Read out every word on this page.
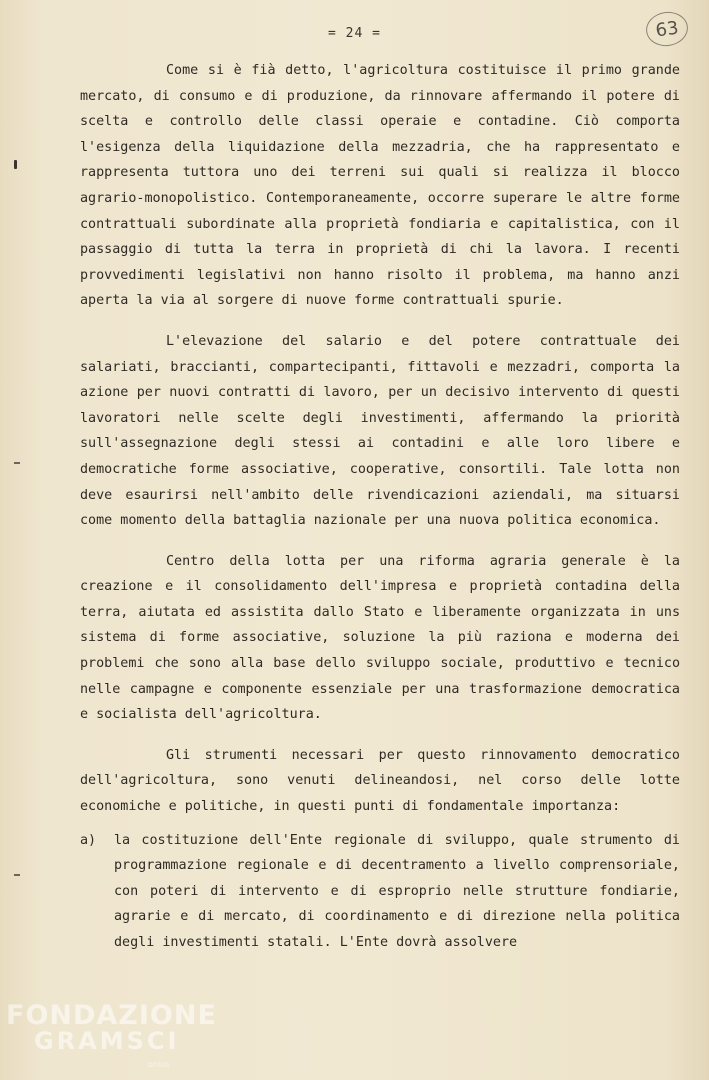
= 24 =	63

Come si è fià detto, l'agricoltura costituisce il primo grande mercato, di consumo e di produzione, da rinnovare affermando il potere di scelta e controllo delle classi operaie e contadine. Ciò comporta l'esigenza della liquidazione della mezzadria, che ha rappresentato e rappresenta tuttora uno dei terreni sui quali si realizza il blocco agrario-monopolistico. Contemporaneamente, occorre superare le altre forme contrattuali subordinate alla proprietà fondiaria e capitalistica, con il passaggio di tutta la terra in proprietà di chi la lavora. I recenti provvedimenti legislativi non hanno risolto il problema, ma hanno anzi aperta la via al sorgere di nuove forme contrattuali spurie.

L'elevazione del salario e del potere contrattuale dei salariati, braccianti, compartecipanti, fittavoli e mezzadri, comporta la azione per nuovi contratti di lavoro, per un decisivo intervento di questi lavoratori nelle scelte degli investimenti, affermando la priorità sull'assegnazione degli stessi ai contadini e alle loro libere e democratiche forme associative, cooperative, consortili. Tale lotta non deve esaurirsi nell'ambito delle rivendicazioni aziendali, ma situarsi come momento della battaglia nazionale per una nuova politica economica.

Centro della lotta per una riforma agraria generale è la creazione e il consolidamento dell'impresa e proprietà contadina della terra, aiutata ed assistita dallo Stato e liberamente organizzata in uns sistema di forme associative, soluzione la più raziona e moderna dei problemi che sono alla base dello sviluppo sociale, produttivo e tecnico nelle campagne e componente essenziale per una trasformazione democratica e socialista dell'agricoltura.

Gli strumenti necessari per questo rinnovamento democratico dell'agricoltura, sono venuti delineandosi, nel corso delle lotte economiche e politiche, in questi punti di fondamentale importanza:

a) la costituzione dell'Ente regionale di sviluppo, quale strumento di programmazione regionale e di decentramento a livello comprensoriale, con poteri di intervento e di esproprio nelle strutture fondiarie, agrarie e di mercato, di coordinamento e di direzione nella politica degli investimenti statali. L'Ente dovrà assolvere
FONDAZIONE
GRAMSCI
onlus
